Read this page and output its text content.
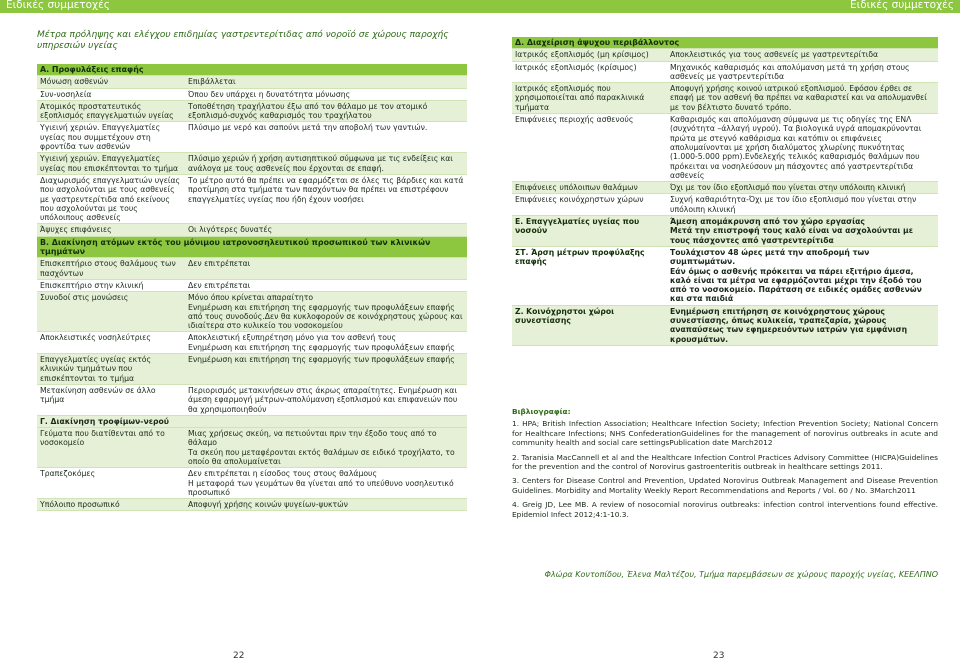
Ειδικές συμμετοχές	Ειδικές συμμετοχές
Μέτρα πρόληψης και ελέγχου επιδημίας γαστρεντερίτιδας από νοροϊό σε χώρους παροχής υπηρεσιών υγείας
Α. Προφυλάξεις επαφής	
Μόνωση ασθενών	Επιβάλλεται
Συν-νοσηλεία	Όπου δεν υπάρχει η δυνατότητα μόνωσης
Ατομικός προστατευτικός εξοπλισμός επαγγελματιών υγείας	Τοποθέτηση τραχήλατου έξω από τον θάλαμο με τον ατομικό εξοπλισμό-συχνός καθαρισμός του τραχήλατου
Υγιεινή χεριών. Επαγγελματίες υγείας που συμμετέχουν στη φροντίδα των ασθενών	Πλύσιμο με νερό και σαπούνι μετά την αποβολή των γαντιών.
Υγιεινή χεριών. Επαγγελματίες υγείας που επισκέπτονται το τμήμα	Πλύσιμο χεριών ή χρήση αντισηπτικού σύμφωνα με τις ενδείξεις και ανάλογα με τους ασθενείς που έρχονται σε επαφή.
Διαχωρισμός επαγγελματιών υγείας που ασχολούνται με τους ασθενείς με γαστρεντερίτιδα από εκείνους που ασχολούνται με τους υπόλοιπους ασθενείς	Το μέτρο αυτό θα πρέπει να εφαρμόζεται σε όλες τις βάρδιες και κατά προτίμηση στα τμήματα των πασχόντων θα πρέπει να επιστρέφουν επαγγελματίες υγείας που ήδη έχουν νοσήσει
Άψυχες επιφάνειες	Οι λιγότερες δυνατές
Β. Διακίνηση ατόμων εκτός του μόνιμου ιατρονοσηλευτικού προσωπικού των κλινικών τμημάτων	
Επισκεπτήριο στους θαλάμους των πασχόντων	Δεν επιτρέπεται
Επισκεπτήριο στην κλινική	Δεν επιτρέπεται
Συνοδοί στις μονώσεις	Μόνο όπου κρίνεται απαραίτητο
Ενημέρωση και επιτήρηση της εφαρμογής των προφυλάξεων επαφής από τους συνοδούς.Δεν θα κυκλοφορούν σε κοινόχρηστους χώρους και ιδιαίτερα στο κυλικείο του νοσοκομείου
Αποκλειστικές νοσηλεύτριες	Αποκλειστική εξυπηρέτηση μόνο για τον ασθενή τους
Ενημέρωση και επιτήρηση της εφαρμογής των προφυλάξεων επαφής
Επαγγελματίες υγείας εκτός κλινικών τμημάτων που επισκέπτονται το τμήμα	Ενημέρωση και επιτήρηση της εφαρμογής των προφυλάξεων επαφής
Μετακίνηση ασθενών σε άλλο τμήμα	Περιορισμός μετακινήσεων στις άκρως απαραίτητες. Ενημέρωση και άμεση εφαρμογή μέτρων-απολύμανση εξοπλισμού και επιφανειών που θα χρησιμοποιηθούν
Γ. Διακίνηση τροφίμων-νερού	
Γεύματα που διατίθενται από το νοσοκομείο	Μιας χρήσεως σκεύη, να πετιούνται πριν την έξοδο τους από το θάλαμο
Τα σκεύη που μεταφέρονται εκτός θαλάμων σε ειδικό τροχήλατο, το οποίο θα απολυμαίνεται
Τραπεζοκόμες	Δεν επιτρέπεται η είσοδος τους στους θαλάμους
Η μεταφορά των γευμάτων θα γίνεται από το υπεύθυνο νοσηλευτικό προσωπικό
Υπόλοιπο προσωπικό	Αποφυγή χρήσης κοινών ψυγείων-ψυκτών
22
Δ. Διαχείριση άψυχου περιβάλλοντος	
Ιατρικός εξοπλισμός (μη κρίσιμος)	Αποκλειστικός για τους ασθενείς με γαστρεντερίτιδα
Ιατρικός εξοπλισμός (κρίσιμος)	Μηχανικός καθαρισμός και απολύμανση μετά τη χρήση στους ασθενείς με γαστρεντερίτιδα
Ιατρικός εξοπλισμός που χρησιμοποιείται από παρακλινικά τμήματα	Αποφυγή χρήσης κοινού ιατρικού εξοπλισμού. Εφόσον έρθει σε επαφή με τον ασθενή θα πρέπει να καθαριστεί και να απολυμανθεί με τον βέλτιστο δυνατό τρόπο.
Επιφάνειες περιοχής ασθενούς	Καθαρισμός και απολύμανση σύμφωνα με τις οδηγίες της ΕΝΛ (συχνότητα –άλλαγή υγρού). Τα βιολογικά υγρά απομακρύνονται πρώτα με στεγνό καθάρισμα και κατόπιν οι επιφάνειες απολυμαίνονται με χρήση διαλύματος χλωρίνης πυκνότητας (1.000-5.000 ppm).Ενδελεχής τελικός καθαρισμός θαλάμων που πρόκειται να νοσηλεύσουν μη πάσχοντες από γαστρεντερίτιδα ασθενείς
Επιφάνειες υπόλοιπων θαλάμων	Όχι με τον ίδιο εξοπλισμό που γίνεται στην υπόλοιπη κλινική
Επιφάνειες κοινόχρηστων χώρων	Συχνή καθαριότητα-Όχι με τον ίδιο εξοπλισμό που γίνεται στην υπόλοιπη κλινική
Ε. Επαγγελματίες υγείας που νοσούν	Άμεση απομάκρυνση από τον χώρο εργασίας
Μετά την επιστροφή τους καλό είναι να ασχολούνται με τους πάσχοντες από γαστρεντερίτιδα
ΣΤ. Άρση μέτρων προφύλαξης επαφής	Τουλάχιστον 48 ώρες μετά την αποδρομή των συμπτωμάτων.
Εάν όμως ο ασθενής πρόκειται να πάρει εξιτήριο άμεσα, καλό είναι τα μέτρα να εφαρμόζονται μέχρι την έξοδό του από το νοσοκομείο. Παράταση σε ειδικές ομάδες ασθενών και στα παιδιά
Ζ. Κοινόχρηστοι χώροι συνεστίασης	Ενημέρωση επιτήρηση σε κοινόχρηστους χώρους συνεστίασης, όπως κυλικεία, τραπεζαρία, χώρους αναπαύσεως των εφημερευόντων ιατρών για εμφάνιση κρουσμάτων.
Βιβλιογραφία:

1. HPA; British Infection Association; Healthcare Infection Society; Infection Prevention Society; National Concern for Healthcare Infections; NHS ConfederationGuidelines for the management of norovirus outbreaks in acute and community health and social care settingsPublication date March2012

2. Taranisia MacCannell et al and the Healthcare Infection Control Practices Advisory Committee (HICPA)Guidelines for the prevention and the control of Norovirus gastroenteritis outbreak in healthcare settings 2011.

3. Centers for Disease Control and Prevention, Updated Norovirus Outbreak Management and Disease Prevention Guidelines. Morbidity and Mortality Weekly Report Recommendations and Reports / Vol. 60 / No. 3March2011

4. Greig JD, Lee MB. A review of nosocomial norovirus outbreaks: infection control interventions found effective. Epidemiol Infect 2012;4:1-10.3.

Φλώρα Κοντοπίδου, Έλενα Μαλτέζου, Τμήμα παρεμβάσεων σε χώρους παροχής υγείας, ΚΕΕΛΠΝΟ
23
